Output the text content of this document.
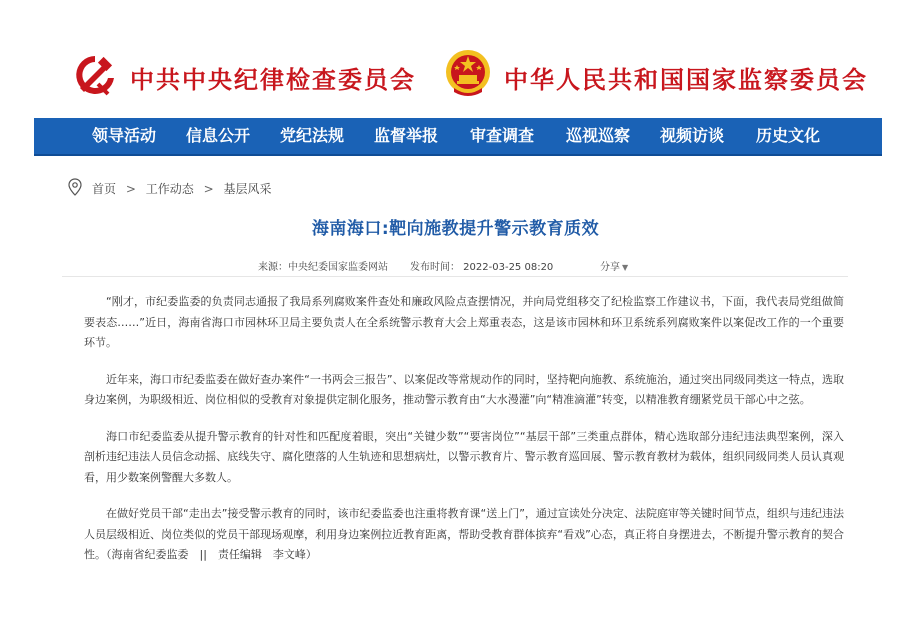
中共中央纪律检查委员会	中华人民共和国国家监察委员会
领导活动 信息公开 党纪法规 监督举报 审查调查 巡视巡察 视频访谈 历史文化
首页 > 工作动态 > 基层风采
海南海口:靶向施教提升警示教育质效
来源：中央纪委国家监委网站 发布时间： 2022-03-25 08:20	分享 ▼

“刚才，市纪委监委的负责同志通报了我局系列腐败案件查处和廉政风险点查摆情况，并向局党组移交了纪检监察工作建议书，下面，我代表局党组做简要表态……”近日，海南省海口市园林环卫局主要负责人在全系统警示教育大会上郑重表态，这是该市园林和环卫系统系列腐败案件以案促改工作的一个重要环节。

近年来，海口市纪委监委在做好查办案件“一书两会三报告”、以案促改等常规动作的同时，坚持靶向施教、系统施治，通过突出同级同类这一特点，选取身边案例，为职级相近、岗位相似的受教育对象提供定制化服务，推动警示教育由“大水漫灌”向“精准滴灌”转变，以精准教育绷紧党员干部心中之弦。

海口市纪委监委从提升警示教育的针对性和匹配度着眼，突出“关键少数”“要害岗位”“基层干部”三类重点群体，精心选取部分违纪违法典型案例，深入剖析违纪违法人员信念动摇、底线失守、腐化堕落的人生轨迹和思想病灶，以警示教育片、警示教育巡回展、警示教育教材为载体，组织同级同类人员认真观看，用少数案例警醒大多数人。

在做好党员干部“走出去”接受警示教育的同时，该市纪委监委也注重将教育课“送上门”，通过宣读处分决定、法院庭审等关键时间节点，组织与违纪违法人员层级相近、岗位类似的党员干部现场观摩，利用身边案例拉近教育距离，帮助受教育群体摈弃“看戏”心态，真正将自身摆进去，不断提升警示教育的契合性。（海南省纪委监委　||　责任编辑　李文峰）
